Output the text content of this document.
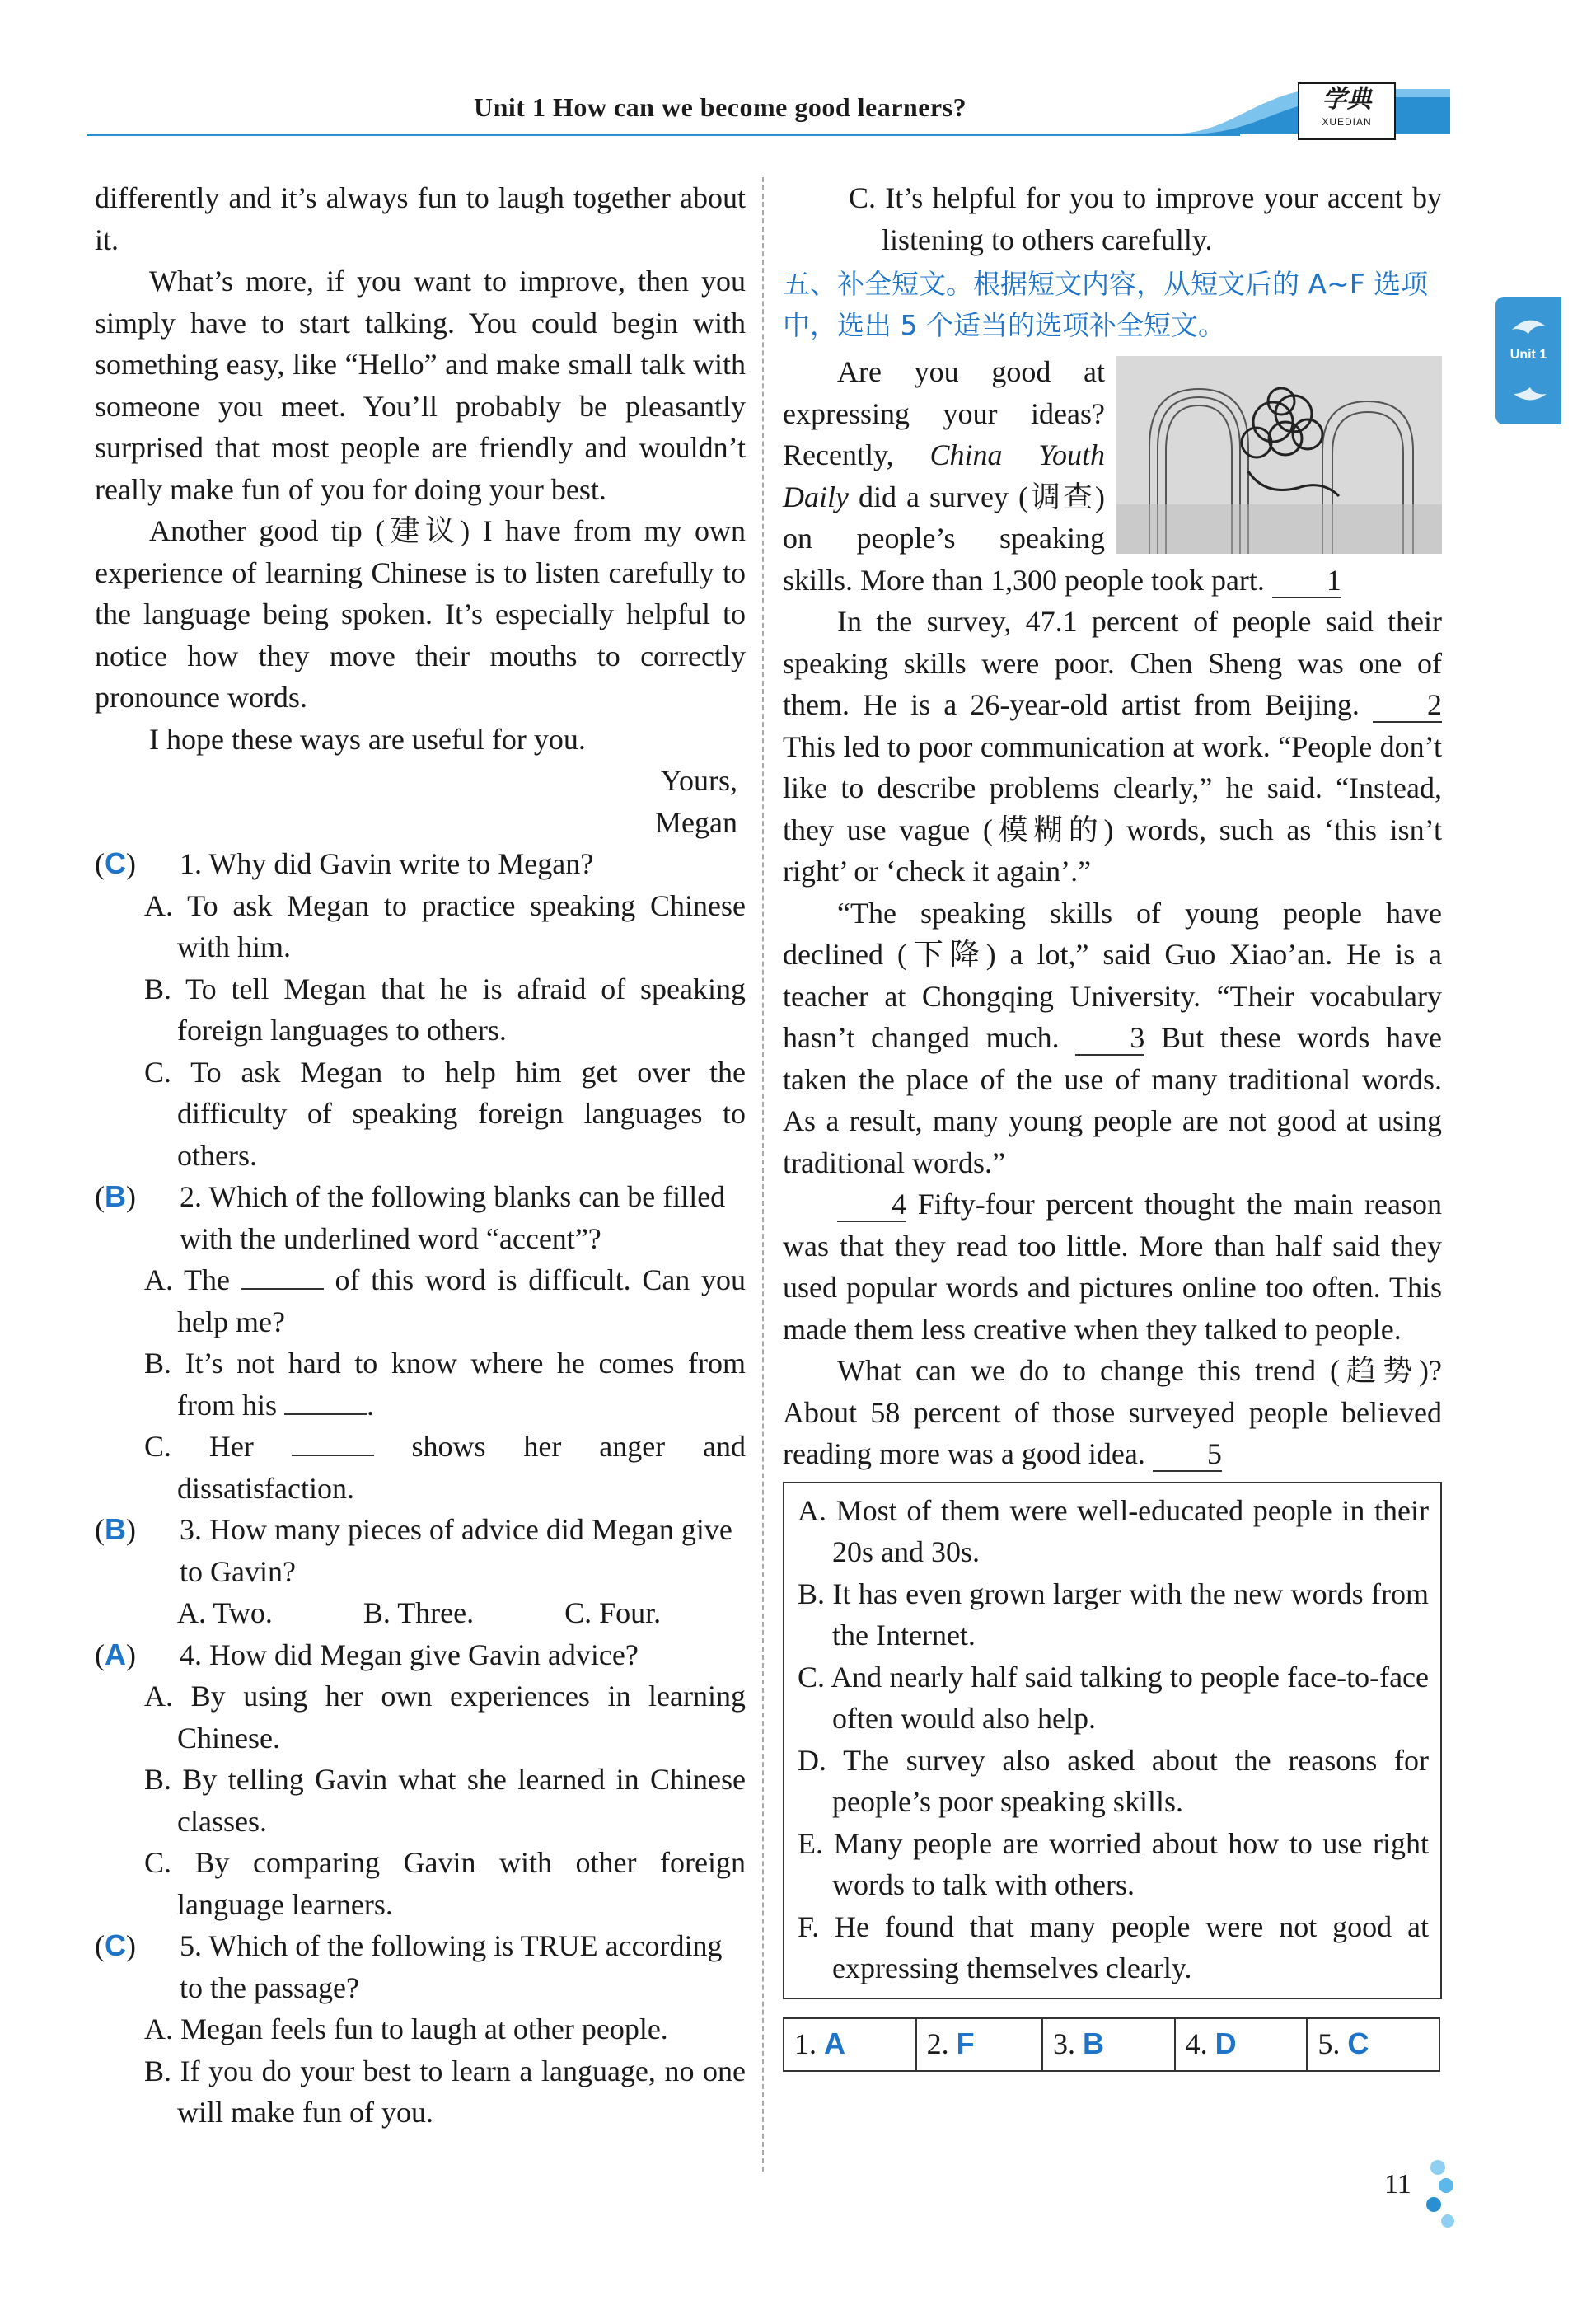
学典
XUEDIAN
Unit 1 How can we become good learners?
Unit 1

differently and it’s always fun to laugh together about it.

What’s more, if you want to improve, then you simply have to start talking. You could begin with something easy, like “Hello” and make small talk with someone you meet. You’ll probably be pleasantly surprised that most people are friendly and wouldn’t really make fun of you for doing your best.

Another good tip (建议) I have from my own experience of learning Chinese is to listen carefully to the language being spoken. It’s especially helpful to notice how they move their mouths to correctly pronounce words.

I hope these ways are useful for you.

Yours,

Megan

(C)	1. Why did Gavin write to Megan?

A. To ask Megan to practice speaking Chinese with him.

B. To tell Megan that he is afraid of speaking foreign languages to others.

C. To ask Megan to help him get over the difficulty of speaking foreign languages to others.

(B)	2. Which of the following blanks can be filled with the underlined word “accent”?

A. The	of this word is difficult. Can you help me?

B. It’s not hard to know where he comes from from his	.

C. Her	shows her anger and dissatisfaction.

(B)	3. How many pieces of advice did Megan give to Gavin?
A. Two.	B. Three.	C. Four.
(A)	4. How did Megan give Gavin advice?

A. By using her own experiences in learning Chinese.

B. By telling Gavin what she learned in Chinese classes.

C. By comparing Gavin with other foreign language learners.

(C)	5. Which of the following is TRUE according to the passage?

A. Megan feels fun to laugh at other people.

B. If you do your best to learn a language, no one will make fun of you.

C. It’s helpful for you to improve your accent by listening to others carefully.

五、补全短文。根据短文内容，从短文后的 A~F 选项中，选出 5 个适当的选项补全短文。

Are you good at expressing your ideas? Recently, China Youth Daily did a survey (调查) on people’s speaking skills. More than 1,300 people took part. 1

In the survey, 47.1 percent of people said their speaking skills were poor. Chen Sheng was one of them. He is a 26-year-old artist from Beijing. 2 This led to poor communication at work. “People don’t like to describe problems clearly,” he said. “Instead, they use vague (模糊的) words, such as ‘this isn’t right’ or ‘check it again’.”

“The speaking skills of young people have declined (下降) a lot,” said Guo Xiao’an. He is a teacher at Chongqing University. “Their vocabulary hasn’t changed much. 3 But these words have taken the place of the use of many traditional words. As a result, many young people are not good at using traditional words.”

4 Fifty-four percent thought the main reason was that they read too little. More than half said they used popular words and pictures online too often. This made them less creative when they talked to people.

What can we do to change this trend (趋势)? About 58 percent of those surveyed people believed reading more was a good idea. 5

A. Most of them were well-educated people in their 20s and 30s.

B. It has even grown larger with the new words from the Internet.

C. And nearly half said talking to people face-to-face often would also help.

D. The survey also asked about the reasons for people’s poor speaking skills.

E. Many people are worried about how to use right words to talk with others.

F. He found that many people were not good at expressing themselves clearly.

1. A	2. F	3. B	4. D	5. C
11
